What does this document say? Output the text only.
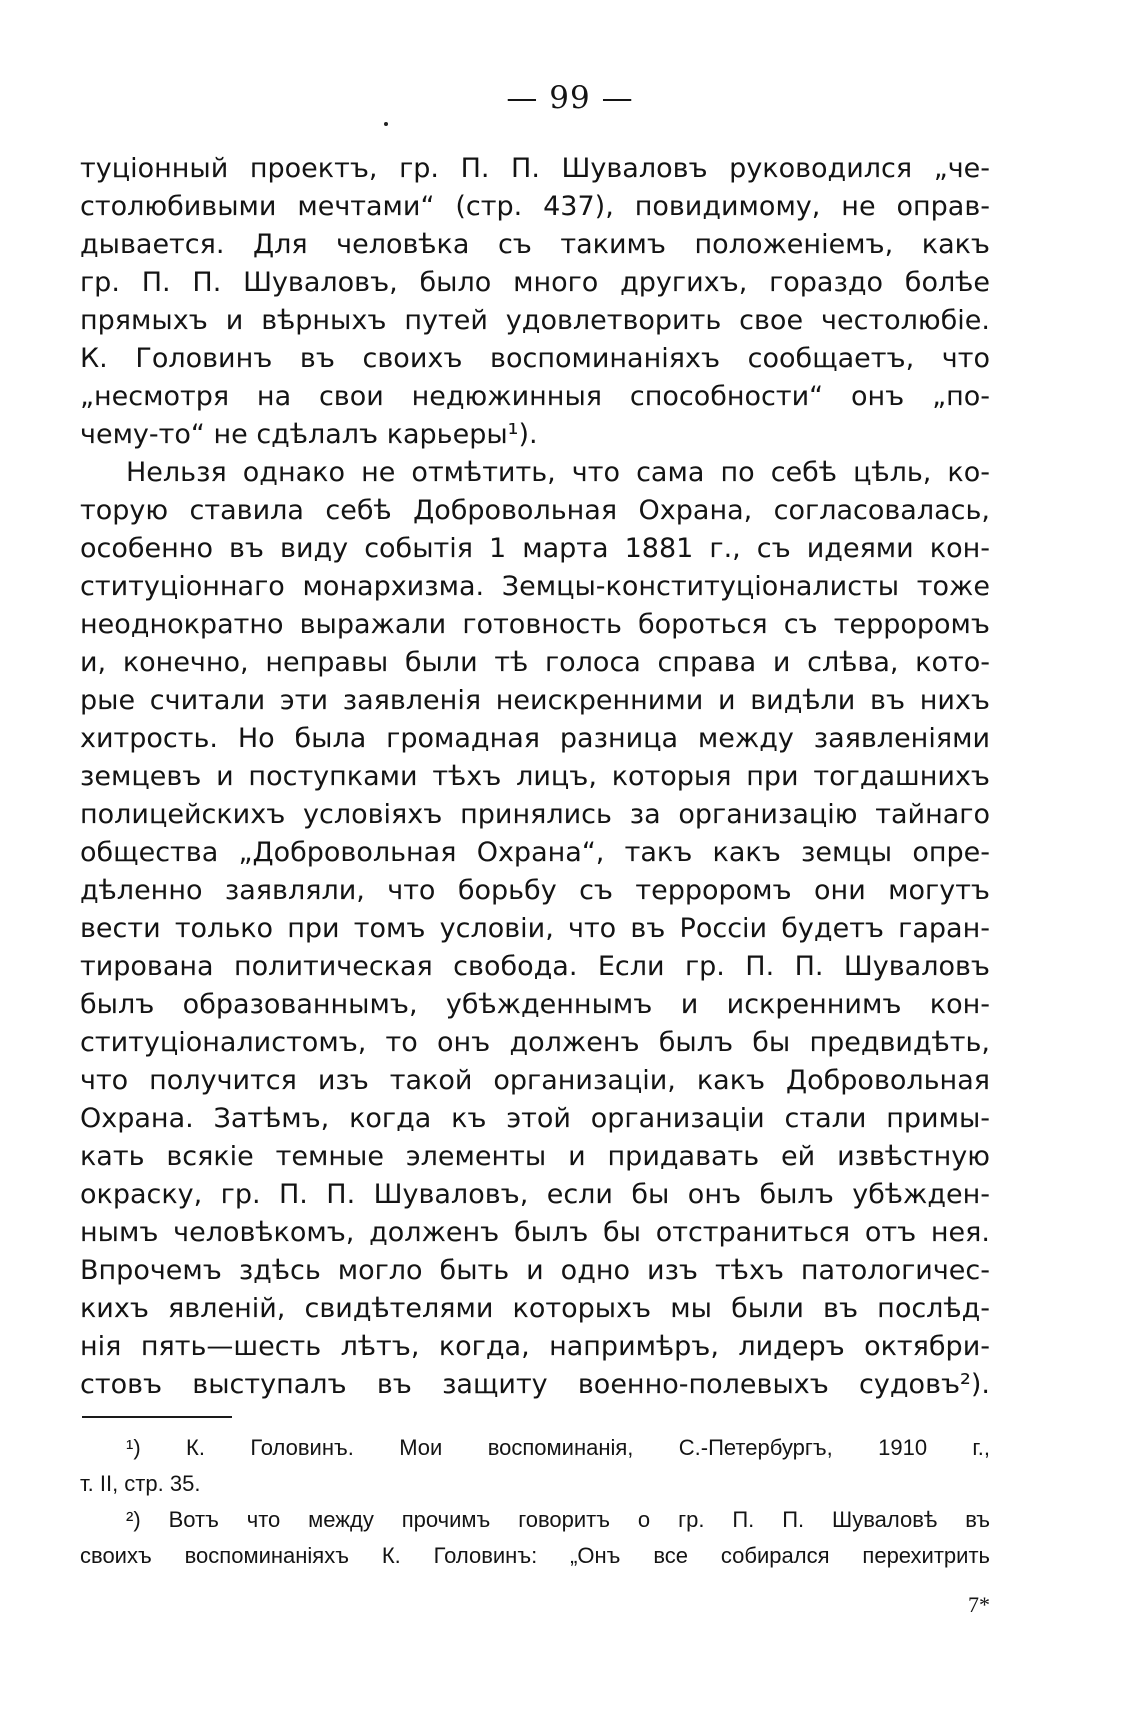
— 99 —
туціонный проектъ, гр. П. П. Шуваловъ руководился „че-
столюбивыми мечтами“ (стр. 437), повидимому, не оправ-
дывается. Для человѣка съ такимъ положеніемъ, какъ
гр. П. П. Шуваловъ, было много другихъ, гораздо болѣе
прямыхъ и вѣрныхъ путей удовлетворить свое честолюбіе.
К. Головинъ въ своихъ воспоминаніяхъ сообщаетъ, что
„несмотря на свои недюжинныя способности“ онъ „по-
чему-то“ не сдѣлалъ карьеры¹).
Нельзя однако не отмѣтить, что сама по себѣ цѣль, ко-
торую ставила себѣ Добровольная Охрана, согласовалась,
особенно въ виду событія 1 марта 1881 г., съ идеями кон-
ституціоннаго монархизма. Земцы-конституціоналисты тоже
неоднократно выражали готовность бороться съ терроромъ
и, конечно, неправы были тѣ голоса справа и слѣва, кото-
рые считали эти заявленія неискренними и видѣли въ нихъ
хитрость. Но была громадная разница между заявленіями
земцевъ и поступками тѣхъ лицъ, которыя при тогдашнихъ
полицейскихъ условіяхъ принялись за организацію тайнаго
общества „Добровольная Охрана“, такъ какъ земцы опре-
дѣленно заявляли, что борьбу съ терроромъ они могутъ
вести только при томъ условіи, что въ Россіи будетъ гаран-
тирована политическая свобода. Если гр. П. П. Шуваловъ
былъ образованнымъ, убѣжденнымъ и искреннимъ кон-
ституціоналистомъ, то онъ долженъ былъ бы предвидѣть,
что получится изъ такой организаціи, какъ Добровольная
Охрана. Затѣмъ, когда къ этой организаціи стали примы-
кать всякіе темные элементы и придавать ей извѣстную
окраску, гр. П. П. Шуваловъ, если бы онъ былъ убѣжден-
нымъ человѣкомъ, долженъ былъ бы отстраниться отъ нея.
Впрочемъ здѣсь могло быть и одно изъ тѣхъ патологичес-
кихъ явленій, свидѣтелями которыхъ мы были въ послѣд-
нія пять—шесть лѣтъ, когда, напримѣръ, лидеръ октябри-
стовъ выступалъ въ защиту военно-полевыхъ судовъ²).
¹) К. Головинъ. Мои воспоминанія, С.-Петербургъ, 1910 г.,
т. II, стр. 35.
²) Вотъ что между прочимъ говоритъ о гр. П. П. Шуваловѣ въ
своихъ воспоминаніяхъ К. Головинъ: „Онъ все собирался перехитрить
7*
